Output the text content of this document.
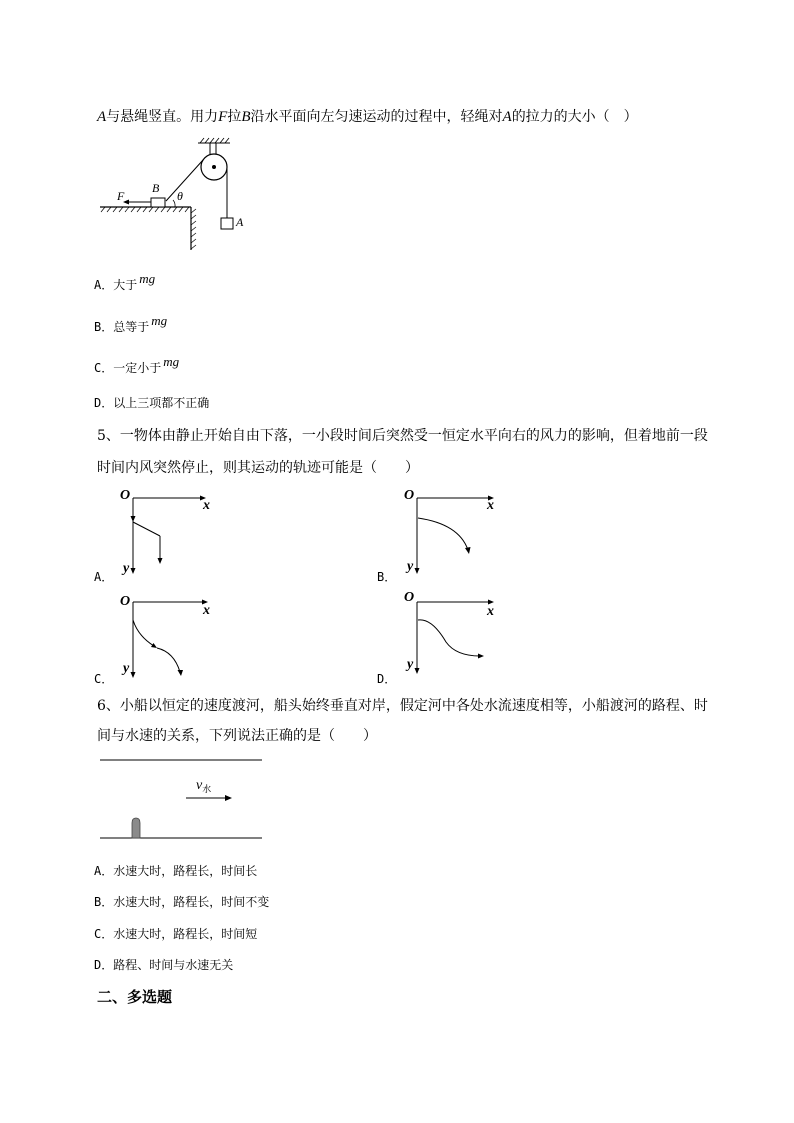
A与悬绳竖直。用力F拉B沿水平面向左匀速运动的过程中，轻绳对A的拉力的大小（　）
A
B
θ
F
A．大于 mg
B．总等于 mg
C．一定小于 mg
D．以上三项都不正确
5、一物体由静止开始自由下落，一小段时间后突然受一恒定水平向右的风力的影响，但着地前一段
时间内风突然停止，则其运动的轨迹可能是（　　）
O
x
y
A．
O
x
y
B．
O
x
y
C．
O
x
y
D．
6、小船以恒定的速度渡河，船头始终垂直对岸，假定河中各处水流速度相等，小船渡河的路程、时
间与水速的关系，下列说法正确的是（　　）
$v_水$
A．水速大时，路程长，时间长
B．水速大时，路程长，时间不变
C．水速大时，路程长，时间短
D．路程、时间与水速无关
二、多选题
